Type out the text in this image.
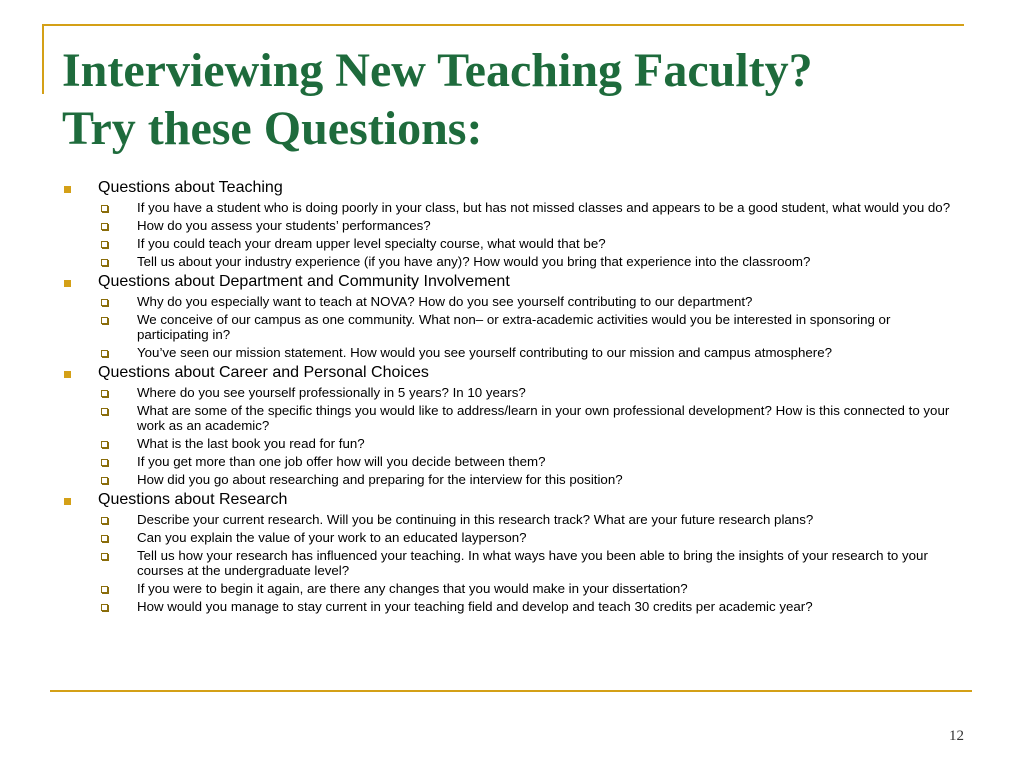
Interviewing New Teaching Faculty?
Try these Questions:
Questions about Teaching
If you have a student who is doing poorly in your class, but has not missed classes and appears to be a good student, what would you do?
How do you assess your students’ performances?
If you could teach your dream upper level specialty course, what would that be?
Tell us about your industry experience (if you have any)? How would you bring that experience into the classroom?
Questions about Department and Community Involvement
Why do you especially want to teach at NOVA? How do you see yourself contributing to our department?
We conceive of our campus as one community. What non– or extra-academic activities would you be interested in sponsoring or participating in?
You’ve seen our mission statement. How would you see yourself contributing to our mission and campus atmosphere?
Questions about Career and Personal Choices
Where do you see yourself professionally in 5 years? In 10 years?
What are some of the specific things you would like to address/learn in your own professional development? How is this connected to your work as an academic?
What is the last book you read for fun?
If you get more than one job offer how will you decide between them?
How did you go about researching and preparing for the interview for this position?
Questions about Research
Describe your current research. Will you be continuing in this research track? What are your future research plans?
Can you explain the value of your work to an educated layperson?
Tell us how your research has influenced your teaching. In what ways have you been able to bring the insights of your research to your courses at the undergraduate level?
If you were to begin it again, are there any changes that you would make in your dissertation?
How would you manage to stay current in your teaching field and develop and teach 30 credits per academic year?
12
